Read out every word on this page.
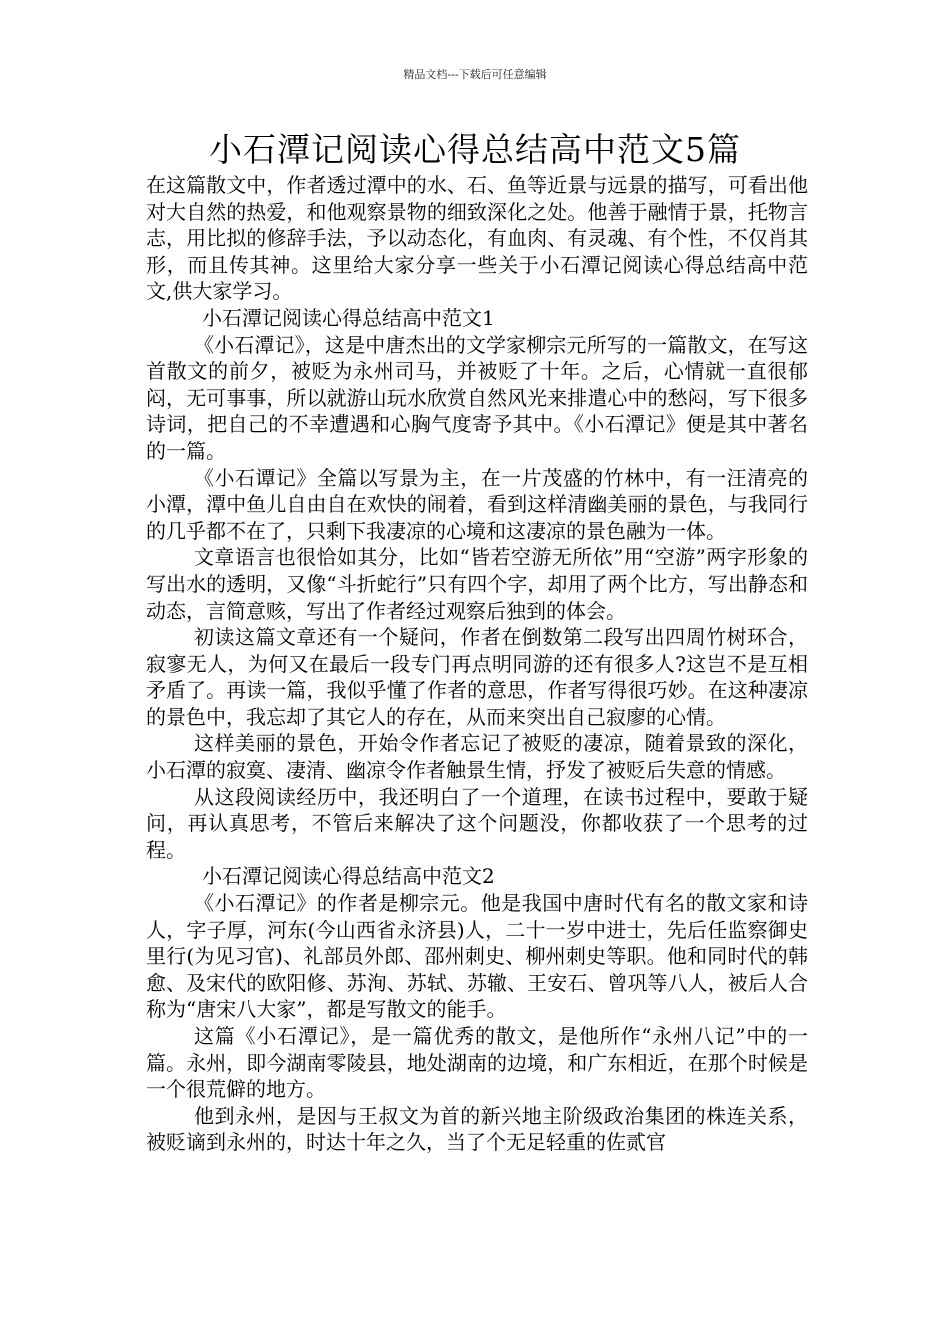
精品文档---下载后可任意编辑
小石潭记阅读心得总结高中范文5篇

在这篇散文中，作者透过潭中的水、石、鱼等近景与远景的描写，可看出他对大自然的热爱，和他观察景物的细致深化之处。他善于融情于景，托物言志，用比拟的修辞手法，予以动态化，有血肉、有灵魂、有个性，不仅肖其形，而且传其神。这里给大家分享一些关于小石潭记阅读心得总结高中范文,供大家学习。

小石潭记阅读心得总结高中范文1

《小石潭记》，这是中唐杰出的文学家柳宗元所写的一篇散文，在写这首散文的前夕，被贬为永州司马，并被贬了十年。之后，心情就一直很郁闷，无可事事，所以就游山玩水欣赏自然风光来排遣心中的愁闷，写下很多诗词，把自己的不幸遭遇和心胸气度寄予其中。《小石潭记》便是其中著名的一篇。

《小石谭记》全篇以写景为主，在一片茂盛的竹林中，有一汪清亮的小潭，潭中鱼儿自由自在欢快的闹着，看到这样清幽美丽的景色，与我同行的几乎都不在了，只剩下我凄凉的心境和这凄凉的景色融为一体。

文章语言也很恰如其分，比如“皆若空游无所依”用“空游”两字形象的写出水的透明，又像“斗折蛇行”只有四个字，却用了两个比方，写出静态和动态，言简意赅，写出了作者经过观察后独到的体会。

初读这篇文章还有一个疑问，作者在倒数第二段写出四周竹树环合，寂寥无人，为何又在最后一段专门再点明同游的还有很多人?这岂不是互相矛盾了。再读一篇，我似乎懂了作者的意思，作者写得很巧妙。在这种凄凉的景色中，我忘却了其它人的存在，从而来突出自己寂廖的心情。

这样美丽的景色，开始令作者忘记了被贬的凄凉，随着景致的深化，小石潭的寂寞、凄清、幽凉令作者触景生情，抒发了被贬后失意的情感。

从这段阅读经历中，我还明白了一个道理，在读书过程中，要敢于疑问，再认真思考，不管后来解决了这个问题没，你都收获了一个思考的过程。

小石潭记阅读心得总结高中范文2

《小石潭记》的作者是柳宗元。他是我国中唐时代有名的散文家和诗人，字子厚，河东(今山西省永济县)人，二十一岁中进士，先后任监察御史里行(为见习官)、礼部员外郎、邵州刺史、柳州刺史等职。他和同时代的韩愈、及宋代的欧阳修、苏洵、苏轼、苏辙、王安石、曾巩等八人，被后人合称为“唐宋八大家”，都是写散文的能手。

这篇《小石潭记》，是一篇优秀的散文，是他所作“永州八记”中的一篇。永州，即今湖南零陵县，地处湖南的边境，和广东相近，在那个时候是一个很荒僻的地方。

他到永州，是因与王叔文为首的新兴地主阶级政治集团的株连关系，被贬谪到永州的，时达十年之久，当了个无足轻重的佐贰官
